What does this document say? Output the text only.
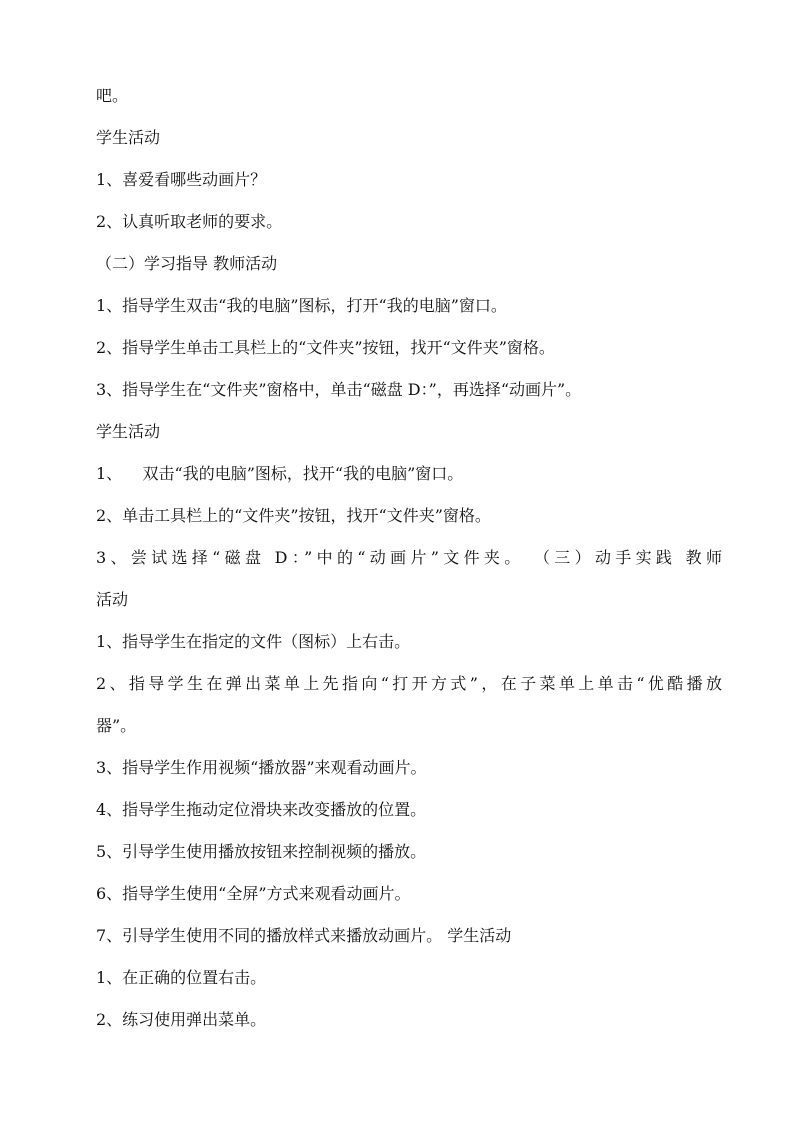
吧。
学生活动
1、喜爱看哪些动画片？
2、认真听取老师的要求。
（二）学习指导 教师活动
1、指导学生双击“我的电脑”图标，打开“我的电脑”窗口。
2、指导学生单击工具栏上的“文件夹”按钮，找开“文件夹”窗格。
3、指导学生在“文件夹”窗格中，单击“磁盘 D：”，再选择“动画片”。
学生活动
1、    双击“我的电脑”图标，找开“我的电脑”窗口。
2、单击工具栏上的“文件夹”按钮，找开“文件夹”窗格。
3、尝试选择“磁盘 D：”中的“动画片”文件夹。 （三）动手实践 教师
活动
1、指导学生在指定的文件（图标）上右击。
2、指导学生在弹出菜单上先指向“打开方式”，在子菜单上单击“优酷播放
器”。
3、指导学生作用视频“播放器”来观看动画片。
4、指导学生拖动定位滑块来改变播放的位置。
5、引导学生使用播放按钮来控制视频的播放。
6、指导学生使用“全屏”方式来观看动画片。
7、引导学生使用不同的播放样式来播放动画片。 学生活动
1、在正确的位置右击。
2、练习使用弹出菜单。
